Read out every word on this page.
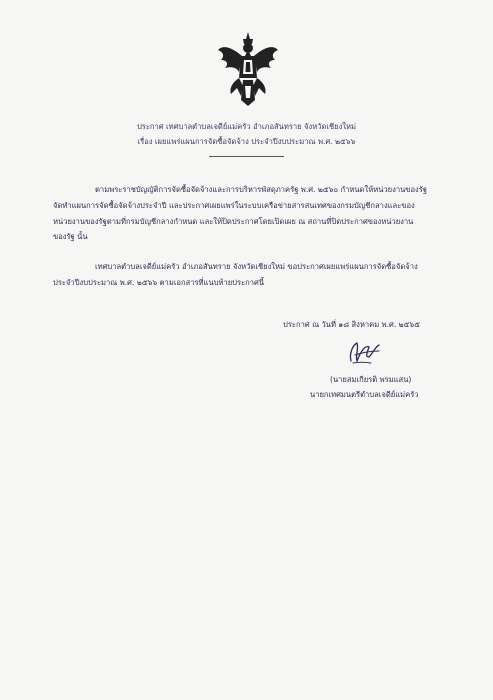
ประกาศ เทศบาลตำบลเจดีย์แม่ครัว อำเภอสันทราย จังหวัดเชียงใหม่
เรื่อง เผยแพร่แผนการจัดซื้อจัดจ้าง ประจำปีงบประมาณ พ.ศ. ๒๕๖๖
ตามพระราชบัญญัติการจัดซื้อจัดจ้างและการบริหารพัสดุภาครัฐ พ.ศ. ๒๕๖๐ กำหนดให้หน่วยงานของรัฐ
จัดทำแผนการจัดซื้อจัดจ้างประจำปี และประกาศเผยแพร่ในระบบเครือข่ายสารสนเทศของกรมบัญชีกลางและของ
หน่วยงานของรัฐตามที่กรมบัญชีกลางกำหนด และให้ปิดประกาศโดยเปิดเผย ณ สถานที่ปิดประกาศของหน่วยงาน
ของรัฐ นั้น
เทศบาลตำบลเจดีย์แม่ครัว อำเภอสันทราย จังหวัดเชียงใหม่ ขอประกาศเผยแพร่แผนการจัดซื้อจัดจ้าง
ประจำปีงบประมาณ พ.ศ. ๒๕๖๖ ตามเอกสารที่แนบท้ายประกาศนี้
ประกาศ ณ วันที่ ๑๘ สิงหาคม พ.ศ. ๒๕๖๕
(นายสมเกียรติ พรมแสน)
นายกเทศมนตรีตำบลเจดีย์แม่ครัว
